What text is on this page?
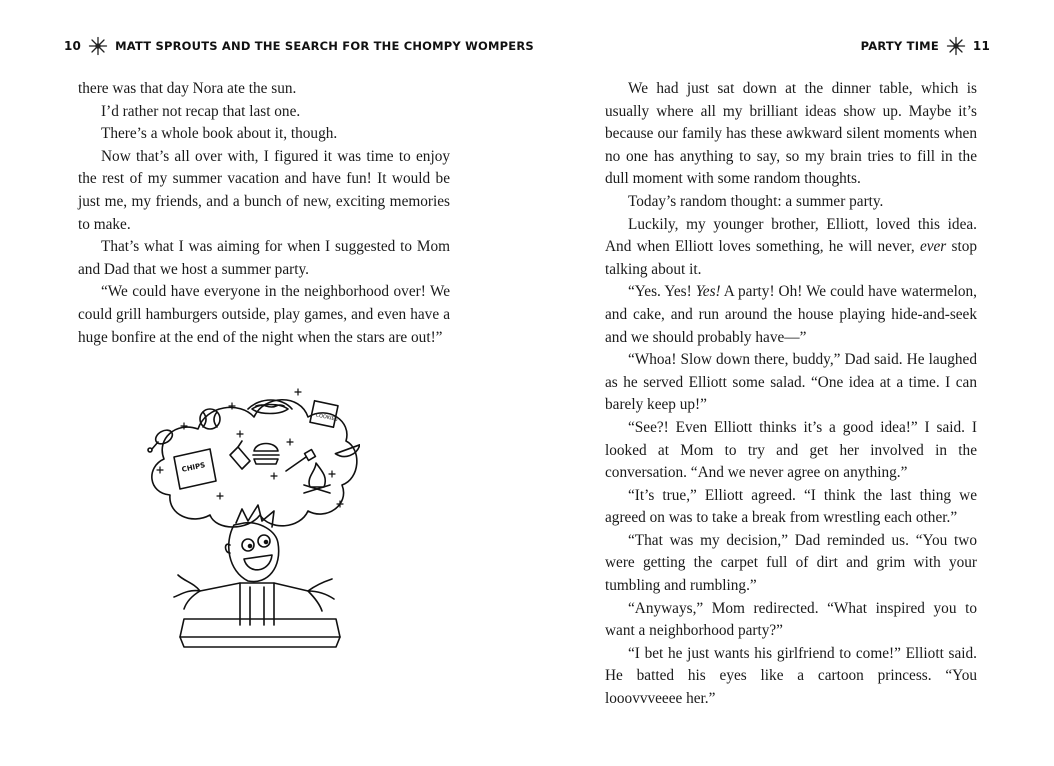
10	MATT SPROUTS AND THE SEARCH FOR THE CHOMPY WOMPERS

there was that day Nora ate the sun.

I’d rather not recap that last one.

There’s a whole book about it, though.

Now that’s all over with, I figured it was time to enjoy the rest of my summer vacation and have fun! It would be just me, my friends, and a bunch of new, exciting memories to make.

That’s what I was aiming for when I suggested to Mom and Dad that we host a summer party.

“We could have everyone in the neighborhood over! We could grill hamburgers outside, play games, and even have a huge bonfire at the end of the night when the stars are out!”

COOKIES
CHIPS
PARTY TIME	11

We had just sat down at the dinner table, which is usually where all my brilliant ideas show up. Maybe it’s because our family has these awkward silent moments when no one has anything to say, so my brain tries to fill in the dull moment with some random thoughts.

Today’s random thought: a summer party.

Luckily, my younger brother, Elliott, loved this idea. And when Elliott loves something, he will never, ever stop talking about it.

“Yes. Yes! Yes! A party! Oh! We could have watermelon, and cake, and run around the house playing hide-and-seek and we should probably have—”

“Whoa! Slow down there, buddy,” Dad said. He laughed as he served Elliott some salad. “One idea at a time. I can barely keep up!”

“See?! Even Elliott thinks it’s a good idea!” I said. I looked at Mom to try and get her involved in the conversation. “And we never agree on anything.”

“It’s true,” Elliott agreed. “I think the last thing we agreed on was to take a break from wrestling each other.”

“That was my decision,” Dad reminded us. “You two were getting the carpet full of dirt and grim with your tumbling and rumbling.”

“Anyways,” Mom redirected. “What inspired you to want a neighborhood party?”

“I bet he just wants his girlfriend to come!” Elliott said. He batted his eyes like a cartoon princess. “You looovvveeee her.”
